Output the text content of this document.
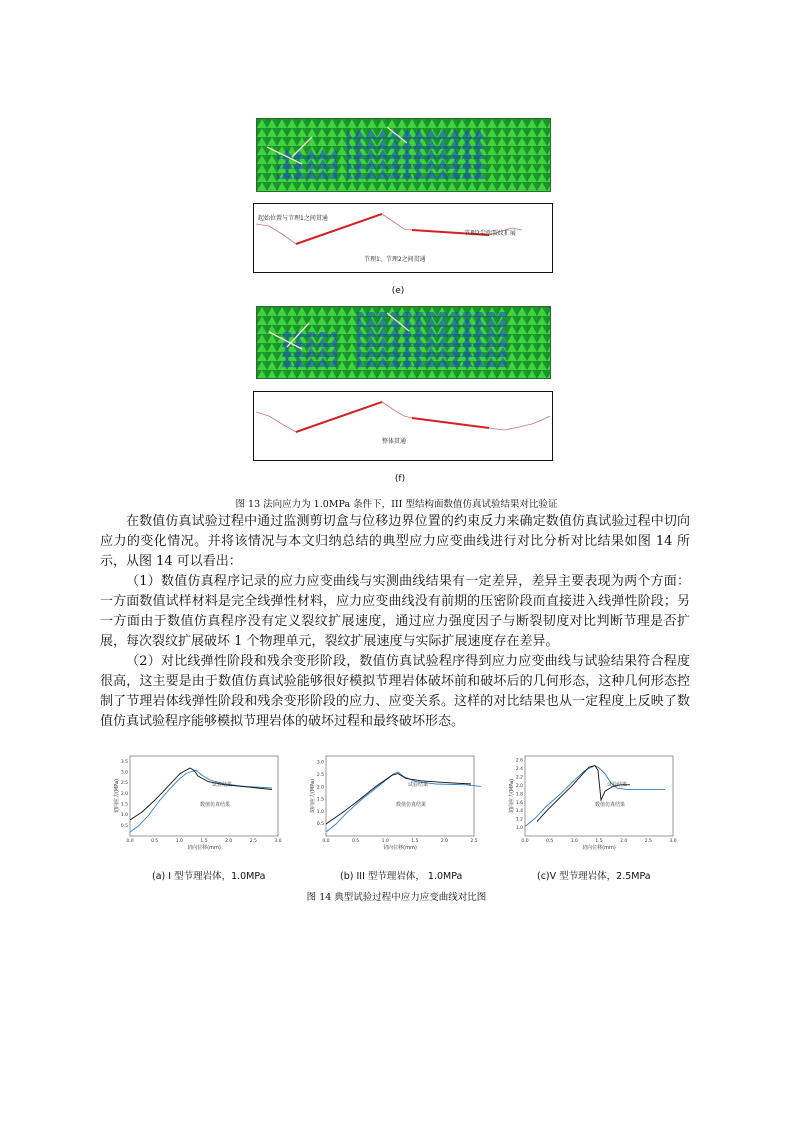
起始位置与节理1之间贯通
节理1、节理2之间贯通
节理2尖端裂纹扩展
(e)
整体贯通
(f)
图 13 法向应力为 1.0MPa 条件下，III 型结构面数值仿真试验结果对比验证

在数值仿真试验过程中通过监测剪切盒与位移边界位置的约束反力来确定数值仿真试验过程中切向应力的变化情况。并将该情况与本文归纳总结的典型应力应变曲线进行对比分析对比结果如图 14 所示，从图 14 可以看出：

（1）数值仿真程序记录的应力应变曲线与实测曲线结果有一定差异，差异主要表现为两个方面：一方面数值试样材料是完全线弹性材料，应力应变曲线没有前期的压密阶段而直接进入线弹性阶段；另一方面由于数值仿真程序没有定义裂纹扩展速度，通过应力强度因子与断裂韧度对比判断节理是否扩展，每次裂纹扩展破坏 1 个物理单元，裂纹扩展速度与实际扩展速度存在差异。

（2）对比线弹性阶段和残余变形阶段，数值仿真试验程序得到应力应变曲线与试验结果符合程度很高，这主要是由于数值仿真试验能够很好模拟节理岩体破坏前和破坏后的几何形态，这种几何形态控制了节理岩体线弹性阶段和残余变形阶段的应力、应变关系。这样的对比结果也从一定程度上反映了数值仿真试验程序能够模拟节理岩体的破坏过程和最终破坏形态。

0.0	0.5	1.0	1.5	2.0	2.5	3.0
0.5
1.0
1.5
2.0
2.5
3.0
3.5
切向位移(mm)
切向应力(MPa)	试验结果
数值仿真结果
0.0	0.5	1.0	1.5	2.0	2.5
0.5
1.0
1.5
2.0
2.5
3.0
切向位移(mm)
切向应力(MPa)	试验结果
数值仿真结果
0.0	0.5	1.0	1.5	2.0	2.5	3.0
1.0
1.2
1.4
1.6
1.8
2.0
2.2
2.4
2.6
切向位移(mm)
切向应力(MPa)	试验结果
数值仿真结果
(a) I 型节理岩体，1.0MPa	(b) III 型节理岩体， 1.0MPa	(c)V 型节理岩体，2.5MPa
图 14 典型试验过程中应力应变曲线对比图
